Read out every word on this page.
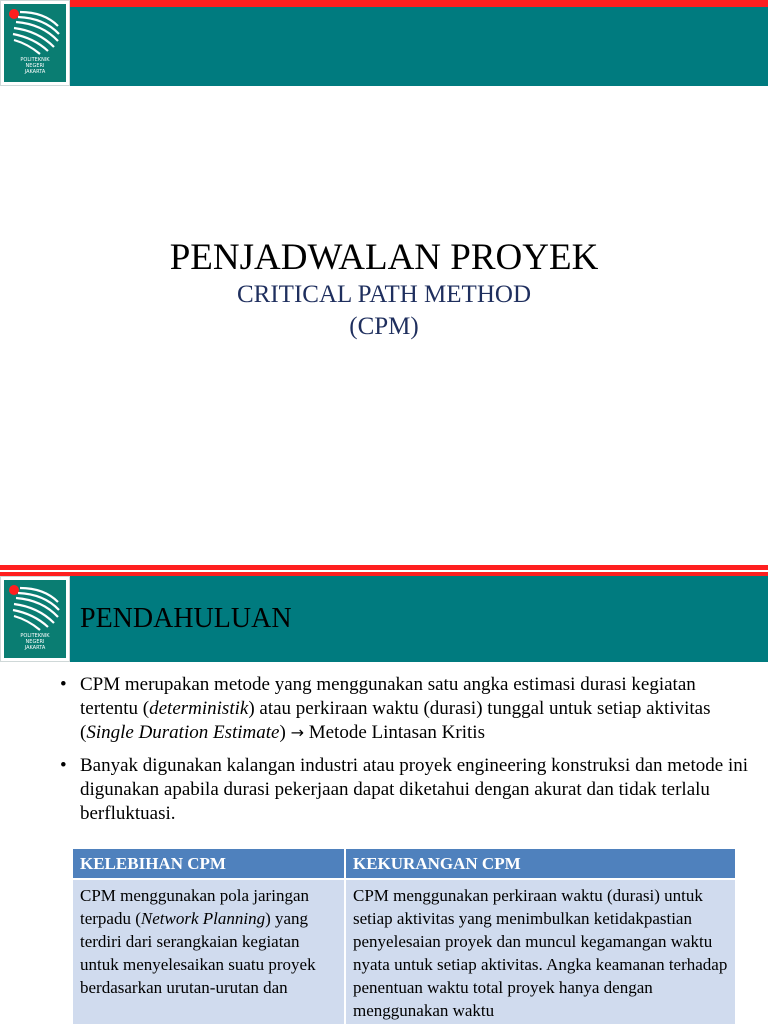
POLITEKNIK
NEGERI
JAKARTA
PENJADWALAN PROYEK
CRITICAL PATH METHOD
(CPM)
POLITEKNIK
NEGERI
JAKARTA
PENDAHULUAN
• CPM merupakan metode yang menggunakan satu angka estimasi durasi kegiatan tertentu (deterministik) atau perkiraan waktu (durasi) tunggal untuk setiap aktivitas (Single Duration Estimate) → Metode Lintasan Kritis
• Banyak digunakan kalangan industri atau proyek engineering konstruksi dan metode ini digunakan apabila durasi pekerjaan dapat diketahui dengan akurat dan tidak terlalu berfluktuasi.
KELEBIHAN CPM	KEKURANGAN CPM
CPM menggunakan pola jaringan terpadu (Network Planning) yang terdiri dari serangkaian kegiatan untuk menyelesaikan suatu proyek berdasarkan urutan-urutan dan	CPM menggunakan perkiraan waktu (durasi) untuk setiap aktivitas yang menimbulkan ketidakpastian penyelesaian proyek dan muncul kegamangan waktu nyata untuk setiap aktivitas. Angka keamanan terhadap penentuan waktu total proyek hanya dengan menggunakan waktu
